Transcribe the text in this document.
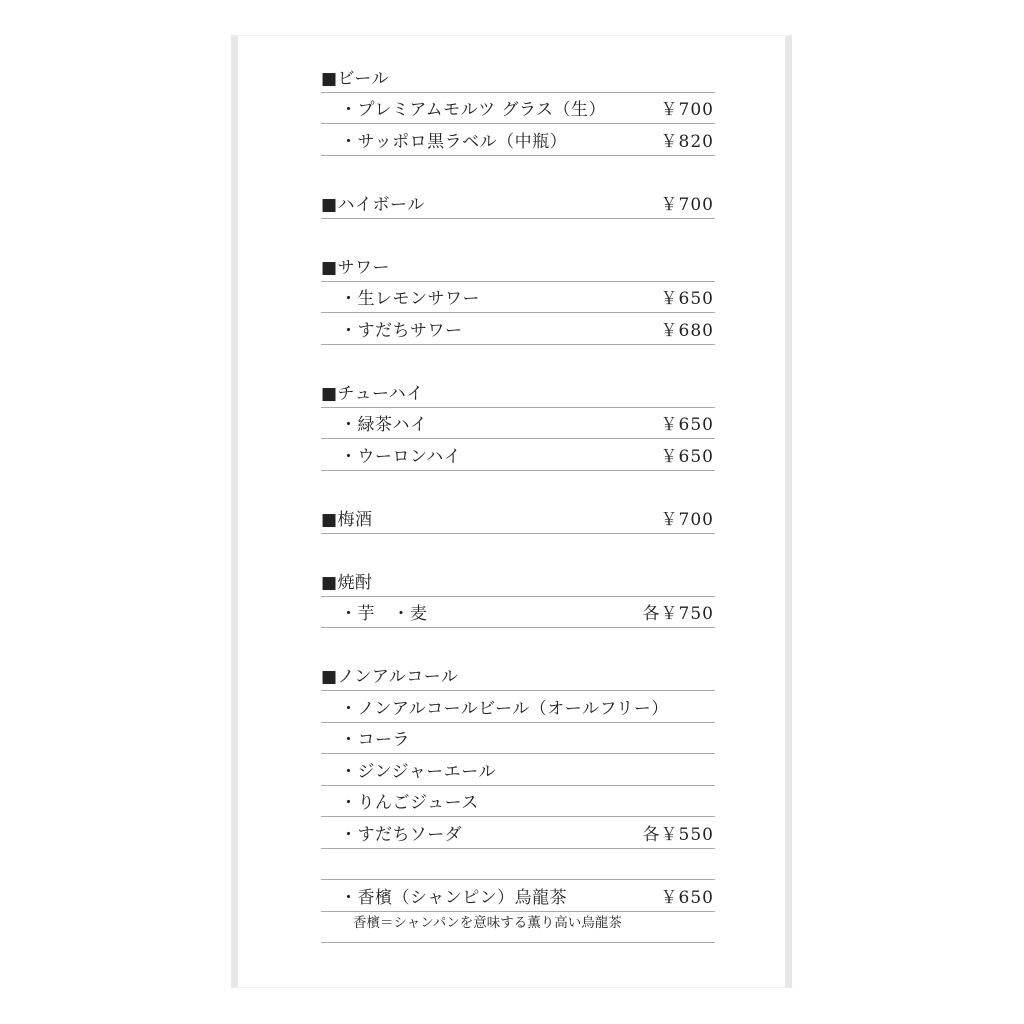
■ビール
・プレミアムモルツ グラス（生）	￥700
・サッポロ黒ラベル（中瓶）	￥820
■ハイボール	￥700
■サワー
・生レモンサワー	￥650
・すだちサワー	￥680
■チューハイ
・緑茶ハイ	￥650
・ウーロンハイ	￥650
■梅酒	￥700
■焼酎
・芋　・麦	各￥750
■ノンアルコール
・ノンアルコールビール（オールフリー）
・コーラ
・ジンジャーエール
・りんごジュース
・すだちソーダ	各￥550
・香檳（シャンピン）烏龍茶	￥650
香檳＝シャンパンを意味する薫り高い烏龍茶
